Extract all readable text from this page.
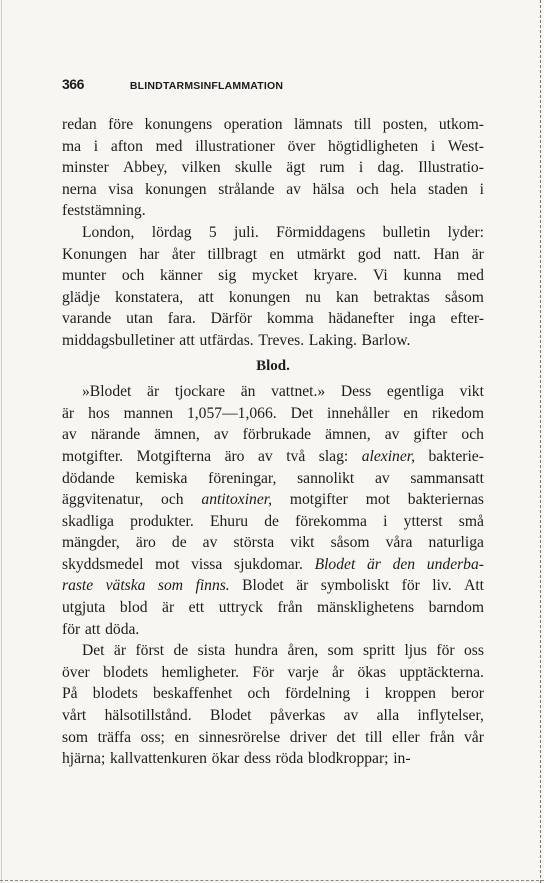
366	BLINDTARMSINFLAMMATION
redan före konungens operation lämnats till posten, utkom-
ma i afton med illustrationer över högtidligheten i West-
minster Abbey, vilken skulle ägt rum i dag. Illustratio-
nerna visa konungen strålande av hälsa och hela staden i
feststämning.
London, lördag 5 juli. Förmiddagens bulletin lyder:
Konungen har åter tillbragt en utmärkt god natt. Han är
munter och känner sig mycket kryare. Vi kunna med
glädje konstatera, att konungen nu kan betraktas såsom
varande utan fara. Därför komma hädanefter inga efter-
middagsbulletiner att utfärdas. Treves. Laking. Barlow.
Blod.
»Blodet är tjockare än vattnet.» Dess egentliga vikt
är hos mannen 1,057—1,066. Det innehåller en rikedom
av närande ämnen, av förbrukade ämnen, av gifter och
motgifter. Motgifterna äro av två slag: alexiner, bakterie-
dödande kemiska föreningar, sannolikt av sammansatt
äggvitenatur, och antitoxiner, motgifter mot bakteriernas
skadliga produkter. Ehuru de förekomma i ytterst små
mängder, äro de av största vikt såsom våra naturliga
skyddsmedel mot vissa sjukdomar. Blodet är den underba-
raste vätska som finns. Blodet är symboliskt för liv. Att
utgjuta blod är ett uttryck från mänsklighetens barndom
för att döda.
Det är först de sista hundra åren, som spritt ljus för oss
över blodets hemligheter. För varje år ökas upptäckterna.
På blodets beskaffenhet och fördelning i kroppen beror
vårt hälsotillstånd. Blodet påverkas av alla inflytelser,
som träffa oss; en sinnesrörelse driver det till eller från vår
hjärna; kallvattenkuren ökar dess röda blodkroppar; in-
